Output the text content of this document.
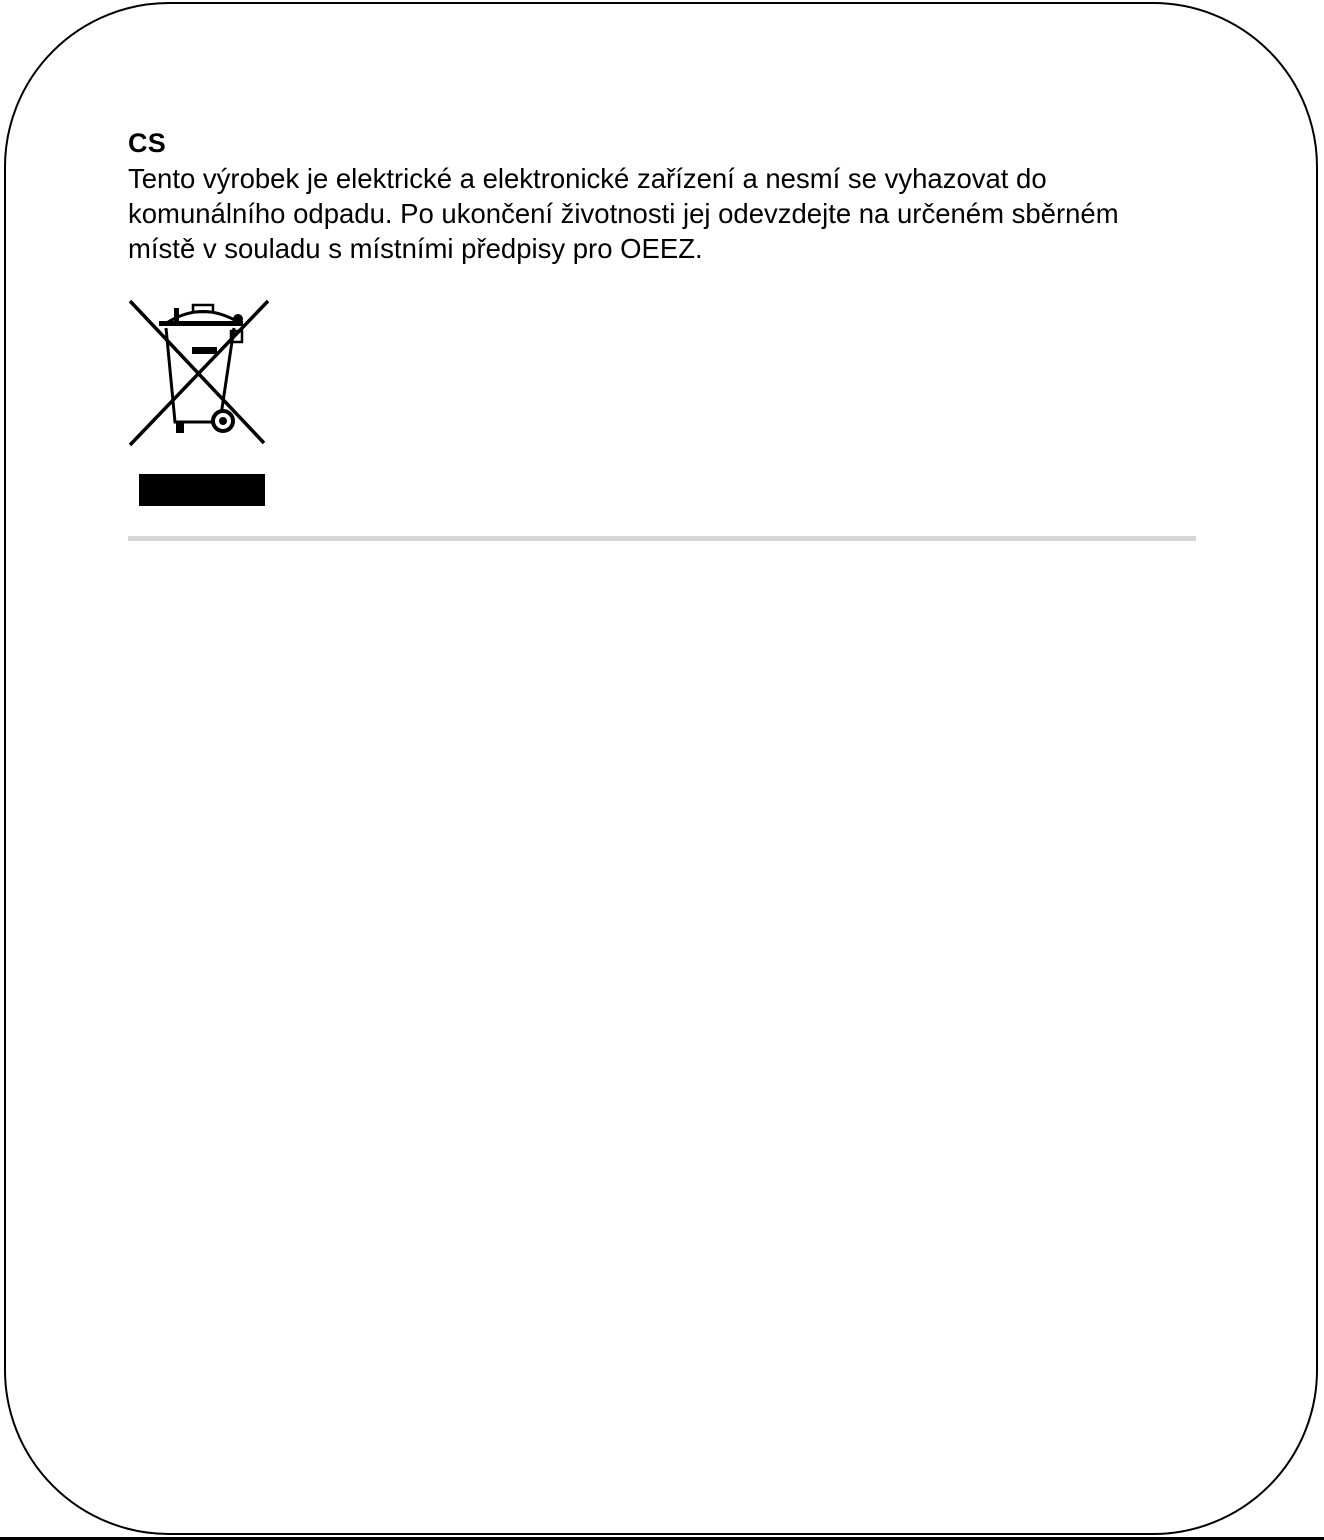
CS

Tento výrobek je elektrické a elektronické zařízení a nesmí se vyhazovat do komunálního odpadu. Po ukončení životnosti jej odevzdejte na určeném sběrném místě v souladu s místními předpisy pro OEEZ.
